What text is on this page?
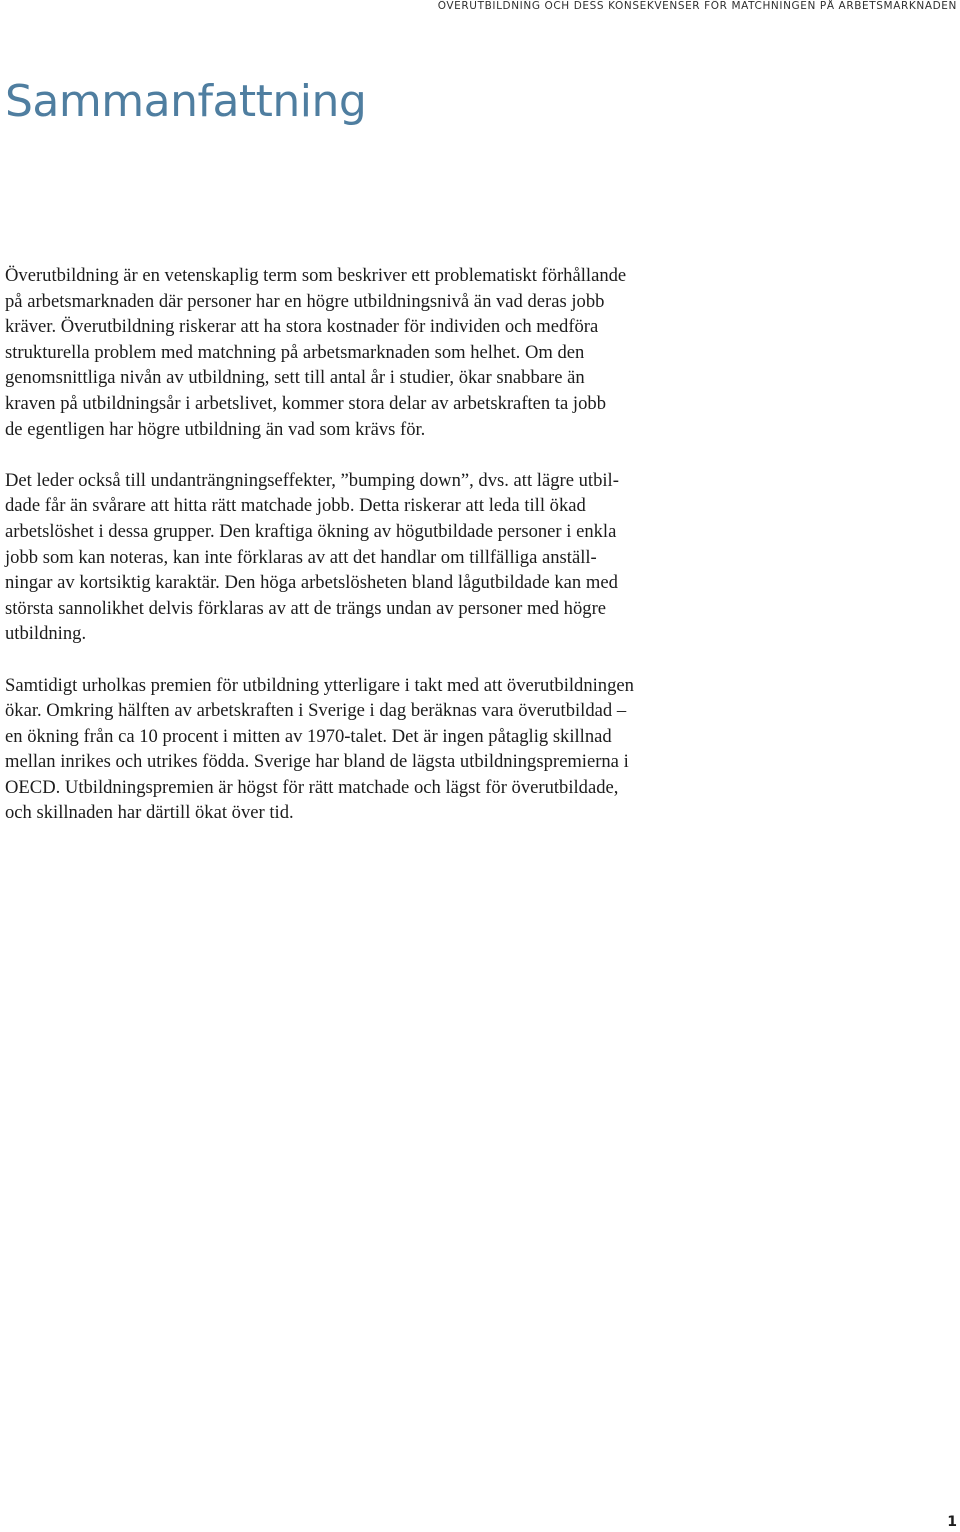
ÖVERUTBILDNING OCH DESS KONSEKVENSER FÖR MATCHNINGEN PÅ ARBETSMARKNADEN
Sammanfattning

Överutbildning är en vetenskaplig term som beskriver ett problematiskt förhållande
på arbetsmarknaden där personer har en högre utbildningsnivå än vad deras jobb
kräver. Överutbildning riskerar att ha stora kostnader för individen och medföra
strukturella problem med matchning på arbetsmarknaden som helhet. Om den
genomsnittliga nivån av utbildning, sett till antal år i studier, ökar snabbare än
kraven på utbildningsår i arbetslivet, kommer stora delar av arbetskraften ta jobb
de egentligen har högre utbildning än vad som krävs för.

Det leder också till undanträngningseffekter, ”bumping down”, dvs. att lägre utbil-
dade får än svårare att hitta rätt matchade jobb. Detta riskerar att leda till ökad
arbetslöshet i dessa grupper. Den kraftiga ökning av högutbildade personer i enkla
jobb som kan noteras, kan inte förklaras av att det handlar om tillfälliga anställ-
ningar av kortsiktig karaktär. Den höga arbetslösheten bland lågutbildade kan med
största sannolikhet delvis förklaras av att de trängs undan av personer med högre
utbildning.

Samtidigt urholkas premien för utbildning ytterligare i takt med att överutbildningen
ökar. Omkring hälften av arbetskraften i Sverige i dag beräknas vara överutbildad –
en ökning från ca 10 procent i mitten av 1970-talet. Det är ingen påtaglig skillnad
mellan inrikes och utrikes födda. Sverige har bland de lägsta utbildningspremierna i
OECD. Utbildningspremien är högst för rätt matchade och lägst för överutbildade,
och skillnaden har därtill ökat över tid.

1
